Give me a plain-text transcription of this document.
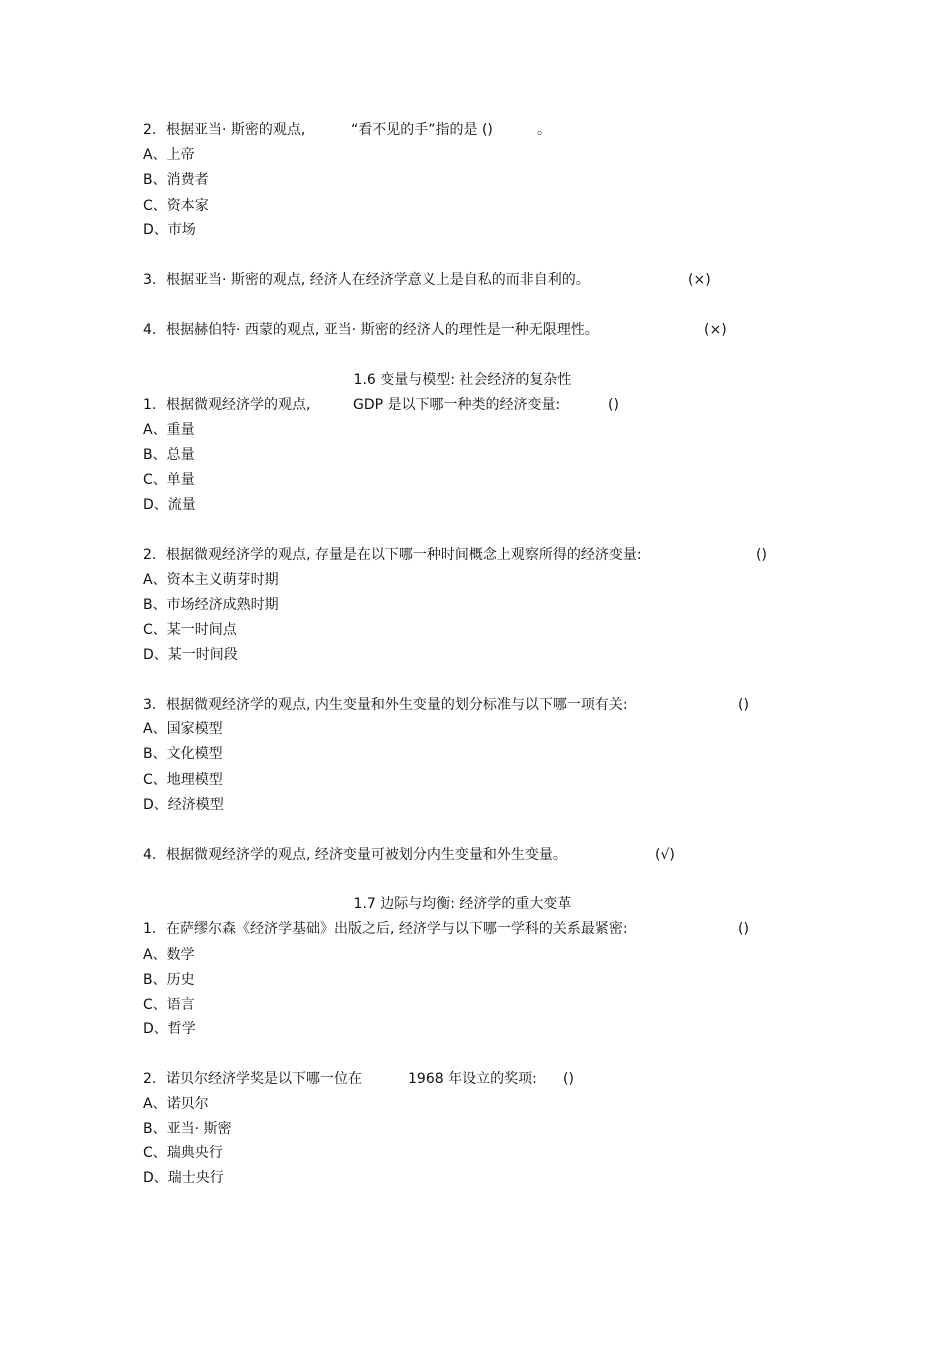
2. 根据亚当· 斯密的观点,	“看不见的手”指的是 ()	。
A、上帝
B、消费者
C、资本家
D、市场
3. 根据亚当· 斯密的观点, 经济人在经济学意义上是自私的而非自利的。	(×)
4. 根据赫伯特· 西蒙的观点, 亚当· 斯密的经济人的理性是一种无限理性。	(×)
1.6 变量与模型: 社会经济的复杂性
1. 根据微观经济学的观点,	GDP 是以下哪一种类的经济变量:	()
A、重量
B、总量
C、单量
D、流量
2. 根据微观经济学的观点, 存量是在以下哪一种时间概念上观察所得的经济变量:	()
A、资本主义萌芽时期
B、市场经济成熟时期
C、某一时间点
D、某一时间段
3. 根据微观经济学的观点, 内生变量和外生变量的划分标准与以下哪一项有关:	()
A、国家模型
B、文化模型
C、地理模型
D、经济模型
4. 根据微观经济学的观点, 经济变量可被划分内生变量和外生变量。	(√)
1.7 边际与均衡: 经济学的重大变革
1. 在萨缪尔森《经济学基础》出版之后, 经济学与以下哪一学科的关系最紧密:	()
A、数学
B、历史
C、语言
D、哲学
2. 诺贝尔经济学奖是以下哪一位在	1968 年设立的奖项: ()
A、诺贝尔
B、亚当· 斯密
C、瑞典央行
D、瑞士央行
